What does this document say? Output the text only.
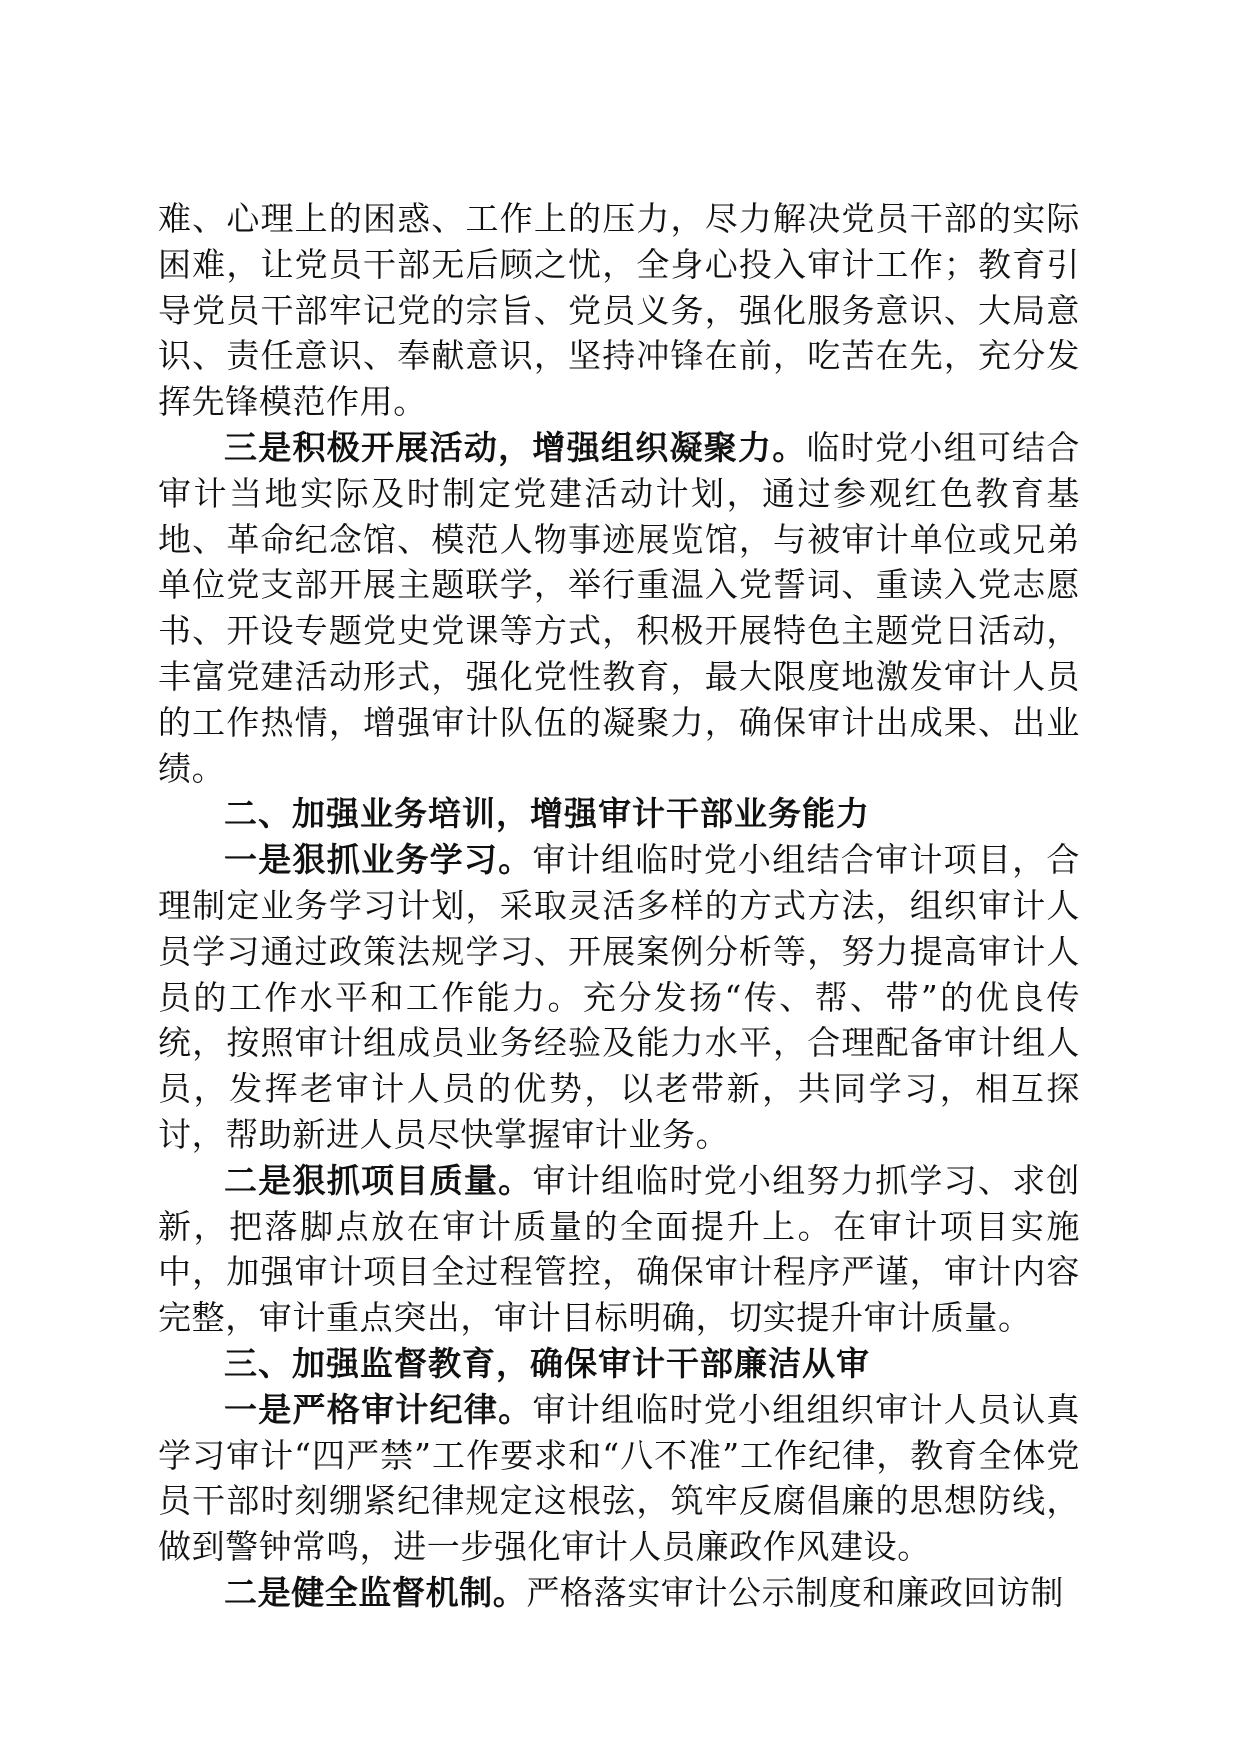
难、心理上的困惑、工作上的压力，尽力解决党员干部的实际困难，让党员干部无后顾之忧，全身心投入审计工作；教育引导党员干部牢记党的宗旨、党员义务，强化服务意识、大局意识、责任意识、奉献意识，坚持冲锋在前，吃苦在先，充分发挥先锋模范作用。

三是积极开展活动，增强组织凝聚力。临时党小组可结合审计当地实际及时制定党建活动计划，通过参观红色教育基地、革命纪念馆、模范人物事迹展览馆，与被审计单位或兄弟单位党支部开展主题联学，举行重温入党誓词、重读入党志愿书、开设专题党史党课等方式，积极开展特色主题党日活动，丰富党建活动形式，强化党性教育，最大限度地激发审计人员的工作热情，增强审计队伍的凝聚力，确保审计出成果、出业绩。

二、加强业务培训，增强审计干部业务能力

一是狠抓业务学习。审计组临时党小组结合审计项目，合理制定业务学习计划，采取灵活多样的方式方法，组织审计人员学习通过政策法规学习、开展案例分析等，努力提高审计人员的工作水平和工作能力。充分发扬“传、帮、带”的优良传统，按照审计组成员业务经验及能力水平，合理配备审计组人员，发挥老审计人员的优势，以老带新，共同学习，相互探讨，帮助新进人员尽快掌握审计业务。

二是狠抓项目质量。审计组临时党小组努力抓学习、求创新，把落脚点放在审计质量的全面提升上。在审计项目实施中，加强审计项目全过程管控，确保审计程序严谨，审计内容完整，审计重点突出，审计目标明确，切实提升审计质量。

三、加强监督教育，确保审计干部廉洁从审

一是严格审计纪律。审计组临时党小组组织审计人员认真学习审计“四严禁”工作要求和“八不准”工作纪律，教育全体党员干部时刻绷紧纪律规定这根弦，筑牢反腐倡廉的思想防线，做到警钟常鸣，进一步强化审计人员廉政作风建设。

二是健全监督机制。严格落实审计公示制度和廉政回访制
